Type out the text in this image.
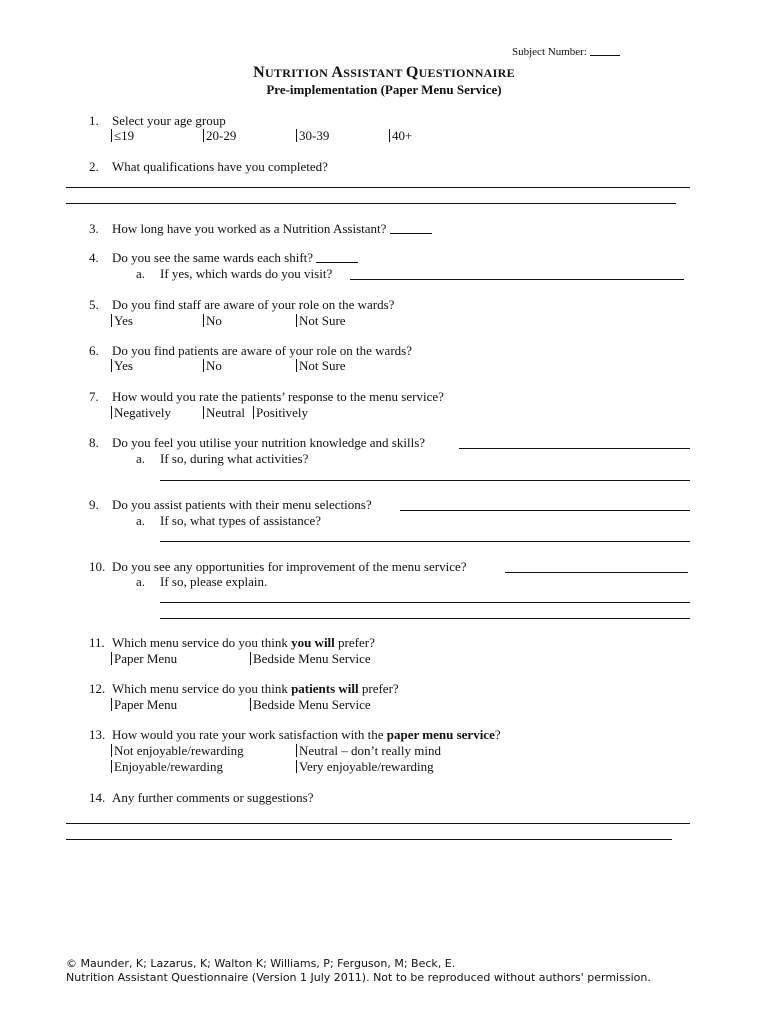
Subject Number:
NUTRITION ASSISTANT QUESTIONNAIRE
Pre-implementation (Paper Menu Service)
1. Select your age group
≤19	20-29	30-39	40+
2. What qualifications have you completed?
3. How long have you worked as a Nutrition Assistant?
4. Do you see the same wards each shift?
a. If yes, which wards do you visit?
5. Do you find staff are aware of your role on the wards?
Yes	No	Not Sure
6. Do you find patients are aware of your role on the wards?
Yes	No	Not Sure
7. How would you rate the patients’ response to the menu service?
Negatively	Neutral Positively
8. Do you feel you utilise your nutrition knowledge and skills?
a. If so, during what activities?
9. Do you assist patients with their menu selections?
a. If so, what types of assistance?
10. Do you see any opportunities for improvement of the menu service?
a. If so, please explain.
11. Which menu service do you think you will prefer?
Paper Menu	Bedside Menu Service
12. Which menu service do you think patients will prefer?
Paper Menu	Bedside Menu Service
13. How would you rate your work satisfaction with the paper menu service?
Not enjoyable/rewarding	Neutral – don’t really mind
Enjoyable/rewarding	Very enjoyable/rewarding
14. Any further comments or suggestions?
© Maunder, K; Lazarus, K; Walton K; Williams, P; Ferguson, M; Beck, E.
Nutrition Assistant Questionnaire (Version 1 July 2011). Not to be reproduced without authors' permission.
